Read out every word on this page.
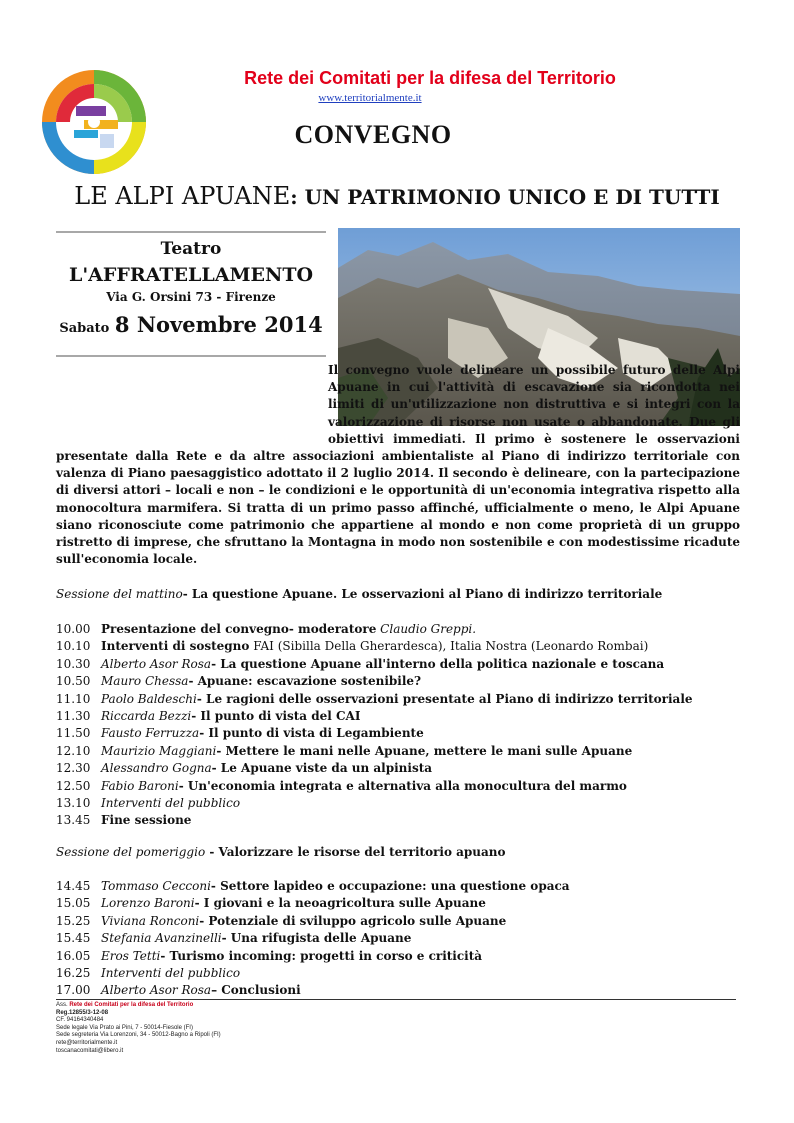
Rete dei Comitati per la difesa del Territorio
www.territorialmente.it
CONVEGNO
LE ALPI APUANE: UN PATRIMONIO UNICO E DI TUTTI
Teatro
L'AFFRATELLAMENTO
Via G. Orsini 73 - Firenze
Sabato 8 Novembre 2014
Il convegno vuole delineare un possibile futuro delle Alpi Apuane in cui l'attività di escavazione sia ricondotta nei limiti di un'utilizzazione non distruttiva e si integri con la valorizzazione di risorse non usate o abbandonate. Due gli obiettivi immediati. Il primo è sostenere le osservazioni presentate dalla Rete e da altre associazioni ambientaliste al Piano di indirizzo territoriale con valenza di Piano paesaggistico adottato il 2 luglio 2014. Il secondo è delineare, con la partecipazione di diversi attori – locali e non – le condizioni e le opportunità di un'economia integrativa rispetto alla monocoltura marmifera. Si tratta di un primo passo affinché, ufficialmente o meno, le Alpi Apuane siano riconosciute come patrimonio che appartiene al mondo e non come proprietà di un gruppo ristretto di imprese, che sfruttano la Montagna in modo non sostenibile e con modestissime ricadute sull'economia locale.
Sessione del mattino- La questione Apuane. Le osservazioni al Piano di indirizzo territoriale
10.00 Presentazione del convegno- moderatore
Claudio Greppi.
10.10 Interventi di sostegno
FAI (Sibilla Della Gherardesca), Italia Nostra (Leonardo Rombai)
10.30 Alberto Asor Rosa - La questione Apuane all'interno della politica nazionale e toscana
10.50 Mauro Chessa - Apuane: escavazione sostenibile?
11.10 Paolo Baldeschi - Le ragioni delle osservazioni presentate al Piano di indirizzo territoriale
11.30 Riccarda Bezzi - Il punto di vista del CAI
11.50 Fausto Ferruzza - Il punto di vista di Legambiente
12.10 Maurizio Maggiani - Mettere le mani nelle Apuane, mettere le mani sulle Apuane
12.30 Alessandro Gogna - Le Apuane viste da un alpinista
12.50 Fabio Baroni - Un'economia integrata e alternativa alla monocultura del marmo
13.10 Interventi del pubblico
13.45 Fine sessione
Sessione del pomeriggio - Valorizzare le risorse del territorio apuano
14.45 Tommaso Cecconi - Settore lapideo e occupazione: una questione opaca
15.05 Lorenzo Baroni - I giovani e la neoagricoltura sulle Apuane
15.25 Viviana Ronconi - Potenziale di sviluppo agricolo sulle Apuane
15.45 Stefania Avanzinelli - Una rifugista delle Apuane
16.05 Eros Tetti - Turismo incoming: progetti in corso e criticità
16.25 Interventi del pubblico
17.00 Alberto Asor Rosa – Conclusioni
Ass. Rete dei Comitati per la difesa del Territorio
Reg.12855/3-12-08
CF. 94164340484
Sede legale Via Prato ai Pini, 7 - 50014-Fiesole (FI)
Sede segreteria Via Lorenzoni, 34 - 50012-Bagno a Ripoli (FI)
rete@territorialmente.it
toscanacomitati@libero.it
